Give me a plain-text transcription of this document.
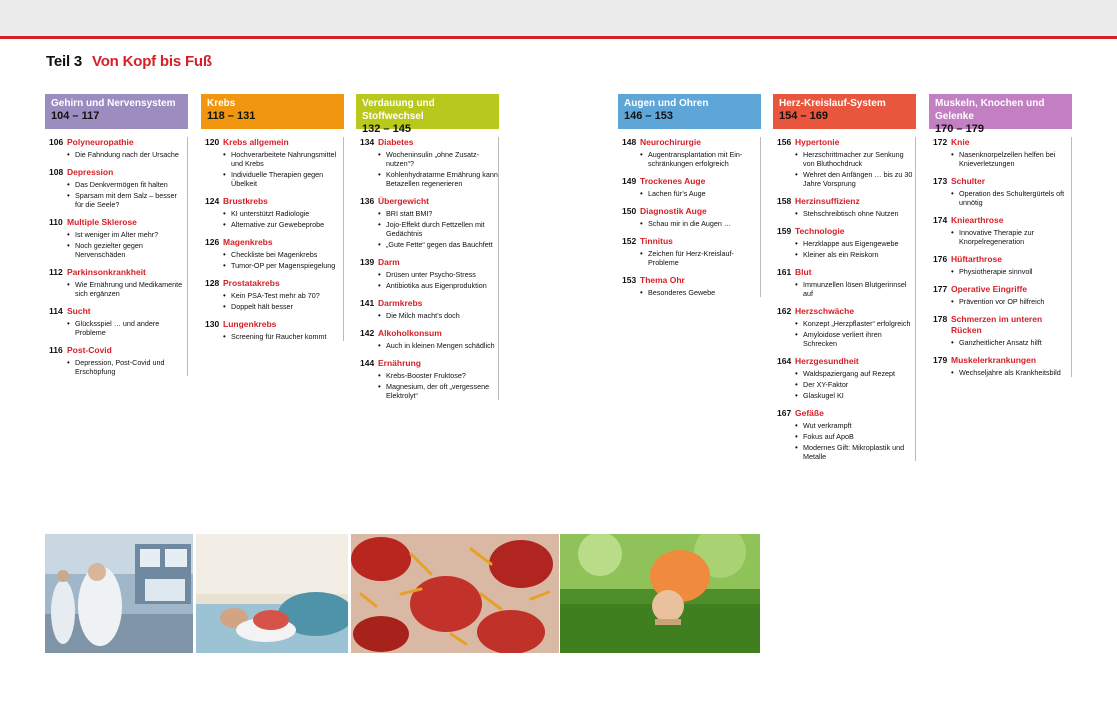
Teil 3 Von Kopf bis Fuß
Gehirn und Nervensystem
104 – 117
106 Polyneuropathie
• Die Fahndung nach der Ursache
108 Depression
• Das Denkvermögen fit halten
• Sparsam mit dem Salz – besser für die Seele?
110 Multiple Sklerose
• Ist weniger im Alter mehr?
• Noch gezielter gegen Nervenschäden
112 Parkinsonkrankheit
• Wie Ernährung und Medikamente sich ergänzen
114 Sucht
• Glücksspiel … und andere Probleme
116 Post-Covid
• Depression, Post-Covid und Erschöpfung
Krebs
118 – 131
120 Krebs allgemein
• Hochverarbeitete Nahrungsmittel und Krebs
• Individuelle Therapien gegen Übelkeit
124 Brustkrebs
• KI unterstützt Radiologie
• Alternative zur Gewebeprobe
126 Magenkrebs
• Checkliste bei Magenkrebs
• Tumor-OP per Magenspiegelung
128 Prostatakrebs
• Kein PSA-Test mehr ab 70?
• Doppelt hält besser
130 Lungenkrebs
• Screening für Raucher kommt
Verdauung und Stoffwechsel
132 – 145
134 Diabetes
• Wocheninsulin „ohne Zusatz-nutzen“?
• Kohlenhydratarme Ernährung kann Betazellen regenerieren
136 Übergewicht
• BRI statt BMI?
• Jojo-Effekt durch Fettzellen mit Gedächtnis
• „Gute Fette“ gegen das Bauchfett
139 Darm
• Drüsen unter Psycho-Stress
• Antibiotika aus Eigenproduktion
141 Darmkrebs
• Die Milch macht’s doch
142 Alkoholkonsum
• Auch in kleinen Mengen schädlich
144 Ernährung
• Krebs-Booster Fruktose?
• Magnesium, der oft „vergessene Elektrolyt“
Augen und Ohren
146 – 153
148 Neurochirurgie
• Augentransplantation mit Ein-schränkungen erfolgreich
149 Trockenes Auge
• Lachen für’s Auge
150 Diagnostik Auge
• Schau mir in die Augen …
152 Tinnitus
• Zeichen für Herz-Kreislauf-Probleme
153 Thema Ohr
• Besonderes Gewebe
Herz-Kreislauf-System
154 – 169
156 Hypertonie
• Herzschrittmacher zur Senkung von Bluthochdruck
• Wehret den Anfängen … bis zu 30 Jahre Vorsprung
158 Herzinsuffizienz
• Stehschreibtisch ohne Nutzen
159 Technologie
• Herzklappe aus Eigengewebe
• Kleiner als ein Reiskorn
161 Blut
• Immunzellen lösen Blutgerinnsel auf
162 Herzschwäche
• Konzept „Herzpflaster“ erfolgreich
• Amyloidose verliert ihren Schrecken
164 Herzgesundheit
• Waldspaziergang auf Rezept
• Der XY-Faktor
• Glaskugel KI
167 Gefäße
• Wut verkrampft
• Fokus auf ApoB
• Modernes Gift: Mikroplastik und Metalle
Muskeln, Knochen und Gelenke
170 – 179
172 Knie
• Nasenknorpelzellen helfen bei Knieverletzungen
173 Schulter
• Operation des Schultergürtels oft unnötig
174 Kniearthrose
• Innovative Therapie zur Knorpelregeneration
176 Hüftarthrose
• Physiotherapie sinnvoll
177 Operative Eingriffe
• Prävention vor OP hilfreich
178 Schmerzen im unteren Rücken
• Ganzheitlicher Ansatz hilft
179 Muskelerkrankungen
• Wechseljahre als Krankheitsbild
